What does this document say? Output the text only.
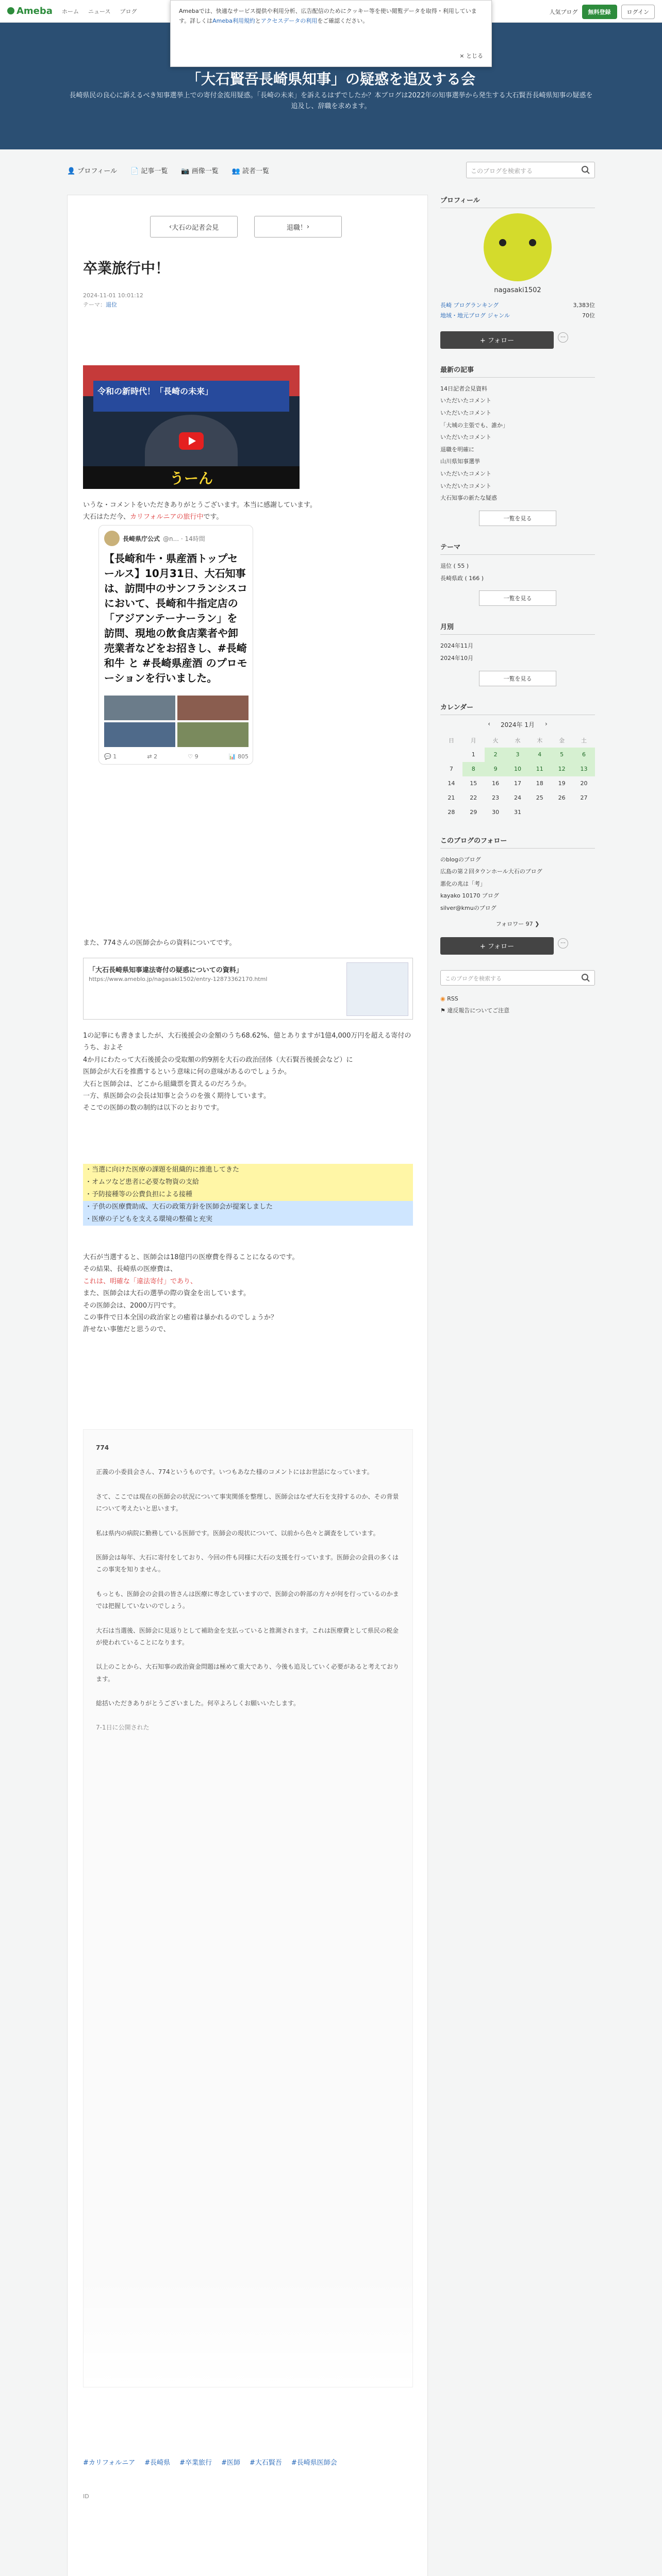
Ameba ホーム ニュース ブログ	人気ブログ	無料登録	ログイン
Amebaでは、快適なサービス提供や利用分析、広告配信のためにクッキー等を使い閲覧データを取得・利用しています。詳しくはAmeba利用規約とアクセスデータの利用をご確認ください。
× とじる
「大石賢吾長崎県知事」の疑惑を追及する会
長崎県民の良心に訴えるべき知事選挙上での寄付金流用疑惑。「長崎の未来」を訴えるはずでしたか？本ブログは2022年の知事選挙から発生する大石賢吾長崎県知事の疑惑を追及し、辞職を求めます。
👤 プロフィール 📄 記事一覧 📷 画像一覧 👥 読者一覧	このブログを検索する
‹ 大石の記者会見	退職！ ›
卒業旅行中！
2024-11-01 10:01:12
テーマ：退位
令和の新時代！「長崎の未来」
うーん
いうな・コメントをいただきありがとうございます。本当に感謝しています。
大石はただ今、カリフォルニアの旅行中です。
長崎県庁公式 @n... · 14時間
【長崎和牛・県産酒トップセールス】10月31日、大石知事は、訪問中のサンフランシスコにおいて、長崎和牛指定店の「アジアンテーナーラン」を訪問、現地の飲食店業者や卸売業者などをお招きし、#長崎和牛 と #長崎県産酒 のプロモーションを行いました。
💬 1	⇄ 2	♡ 9	📊 805
また、774さんの医師会からの資料についてです。
「大石長崎県知事違法寄付の疑惑についての資料」
https://www.ameblo.jp/nagasaki1502/entry-12873362170.html
1の記事にも書きましたが、大石後援会の金額のうち68.62%、億とありますが1億4,000万円を超える寄付のうち、およそ
4か月にわたって大石後援会の受取額の約9割を大石の政治団体（大石賢吾後援会など）に
医師会が大石を推薦するという意味に何の意味があるのでしょうか。
大石と医師会は、どこから組織票を貰えるのだろうか。
一方、県医師会の会長は知事と会うのを強く期待しています。
そこでの医師の数の制約は以下のとおりです。
・当選に向けた医療の課題を組織的に推進してきた
・オムツなど患者に必要な物資の支給
・予防接種等の公費負担による接種
・子供の医療費助成、大石の政策方針を医師会が提案しました
・医療の子どもを支える環境の整備と充実
大石が当選すると、医師会は18億円の医療費を得ることになるのです。
その結果、長崎県の医療費は、
これは、明確な「違法寄付」であり、
また、医師会は大石の選挙の際の資金を出しています。
その医師会は、2000万円です。
この事件で日本全国の政治家との癒着は暴かれるのでしょうか？
許せない事態だと思うので、

774

正義の小委員会さん、774というものです。いつもあなた様のコメントにはお世話になっています。

さて、ここでは現在の医師会の状況について事実関係を整理し、医師会はなぜ大石を支持するのか、その背景について考えたいと思います。

私は県内の病院に勤務している医師です。医師会の現状について、以前から色々と調査をしています。

医師会は毎年、大石に寄付をしており、今回の件も同様に大石の支援を行っています。医師会の会員の多くはこの事実を知りません。

もっとも、医師会の会員の皆さんは医療に専念していますので、医師会の幹部の方々が何を行っているのかまでは把握していないのでしょう。

大石は当選後、医師会に見返りとして補助金を支払っていると推測されます。これは医療費として県民の税金が使われていることになります。

以上のことから、大石知事の政治資金問題は極めて重大であり、今後も追及していく必要があると考えております。

総括いただきありがとうございました。何卒よろしくお願いいたします。

7-1日に公開された

#カリフォルニア #長崎県 #卒業旅行 #医師 #大石賢吾 #長崎県医師会
ID
プロフィール
nagasaki1502
長崎 ブログランキング	3,383位
地域・地元ブログ ジャンル	70位
+ フォロー	⋯
最新の記事
14日記者会見資料
いただいたコメント
いただいたコメント
「大城の主張でも、誰か」
いただいたコメント
退職を明確に
山川県知事選挙
いただいたコメント
いただいたコメント
大石知事の新たな疑惑
一覧を見る
テーマ
退位 ( 55 )
長崎県政 ( 166 )
一覧を見る
月別
2024年11月
2024年10月
一覧を見る
カレンダー
‹ 2024年 1月 ›
日	月	火	水	木	金	土
	1	2	3	4	5	6
7	8	9	10	11	12	13
14	15	16	17	18	19	20
21	22	23	24	25	26	27
28	29	30	31			
このブログのフォロー
のblogのブログ
広島の第２回タウンホール大石のブログ
悪化の兆は「考」
kayako 10170 ブログ
silver@kmuのブログ
フォロワー 97 ❯
+ フォロー	⋯
このブログを検索する
◉ RSS
⚑ 違反報告についてご注意
